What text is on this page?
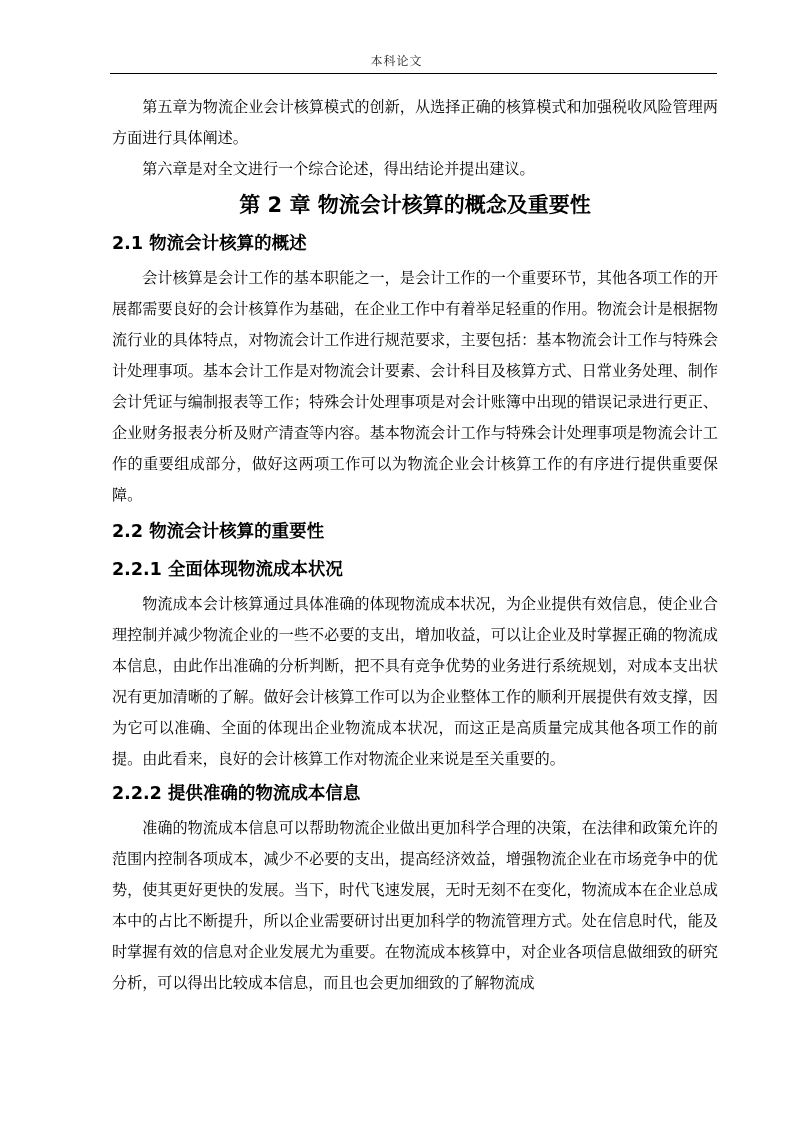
本科论文

第五章为物流企业会计核算模式的创新，从选择正确的核算模式和加强税收风险管理两方面进行具体阐述。

第六章是对全文进行一个综合论述，得出结论并提出建议。

第 2 章 物流会计核算的概念及重要性
2.1 物流会计核算的概述

会计核算是会计工作的基本职能之一，是会计工作的一个重要环节，其他各项工作的开展都需要良好的会计核算作为基础，在企业工作中有着举足轻重的作用。物流会计是根据物流行业的具体特点，对物流会计工作进行规范要求，主要包括：基本物流会计工作与特殊会计处理事项。基本会计工作是对物流会计要素、会计科目及核算方式、日常业务处理、制作会计凭证与编制报表等工作；特殊会计处理事项是对会计账簿中出现的错误记录进行更正、企业财务报表分析及财产清查等内容。基本物流会计工作与特殊会计处理事项是物流会计工作的重要组成部分，做好这两项工作可以为物流企业会计核算工作的有序进行提供重要保障。

2.2 物流会计核算的重要性
2.2.1 全面体现物流成本状况

物流成本会计核算通过具体准确的体现物流成本状况，为企业提供有效信息，使企业合理控制并减少物流企业的一些不必要的支出，增加收益，可以让企业及时掌握正确的物流成本信息，由此作出准确的分析判断，把不具有竞争优势的业务进行系统规划，对成本支出状况有更加清晰的了解。做好会计核算工作可以为企业整体工作的顺利开展提供有效支撑，因为它可以准确、全面的体现出企业物流成本状况，而这正是高质量完成其他各项工作的前提。由此看来，良好的会计核算工作对物流企业来说是至关重要的。

2.2.2 提供准确的物流成本信息

准确的物流成本信息可以帮助物流企业做出更加科学合理的决策，在法律和政策允许的范围内控制各项成本，减少不必要的支出，提高经济效益，增强物流企业在市场竞争中的优势，使其更好更快的发展。当下，时代飞速发展，无时无刻不在变化，物流成本在企业总成本中的占比不断提升，所以企业需要研讨出更加科学的物流管理方式。处在信息时代，能及时掌握有效的信息对企业发展尤为重要。在物流成本核算中，对企业各项信息做细致的研究分析，可以得出比较成本信息，而且也会更加细致的了解物流成
